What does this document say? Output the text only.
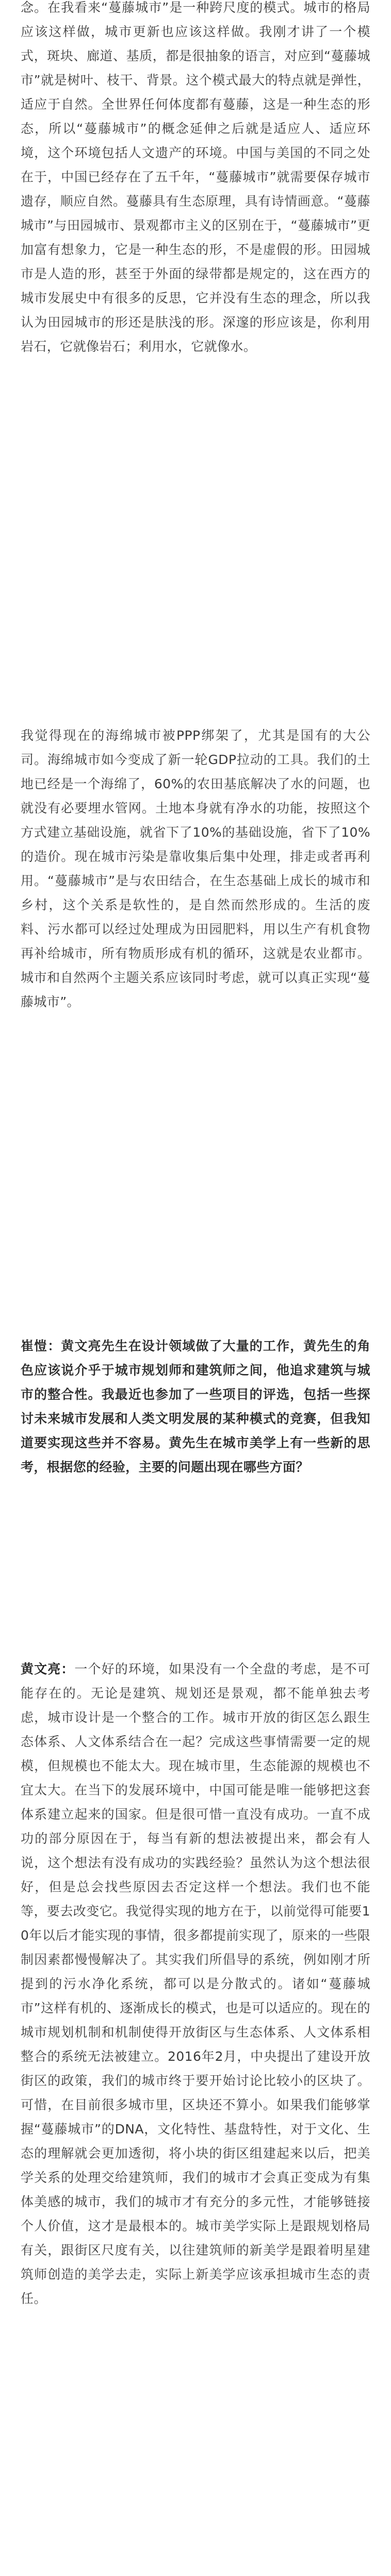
念。在我看来“蔓藤城市”是一种跨尺度的模式。城市的格局应该这样做，城市更新也应该这样做。我刚才讲了一个模式，斑块、廊道、基质，都是很抽象的语言，对应到“蔓藤城市”就是树叶、枝干、背景。这个模式最大的特点就是弹性，适应于自然。全世界任何体度都有蔓藤，这是一种生态的形态，所以“蔓藤城市”的概念延伸之后就是适应人、适应环境，这个环境包括人文遗产的环境。中国与美国的不同之处在于，中国已经存在了五千年，“蔓藤城市”就需要保存城市遗存，顺应自然。蔓藤具有生态原理，具有诗情画意。“蔓藤城市”与田园城市、景观都市主义的区别在于，“蔓藤城市”更加富有想象力，它是一种生态的形，不是虚假的形。田园城市是人造的形，甚至于外面的绿带都是规定的，这在西方的城市发展史中有很多的反思，它并没有生态的理念，所以我认为田园城市的形还是肤浅的形。深邃的形应该是，你利用岩石，它就像岩石；利用水，它就像水。

我觉得现在的海绵城市被PPP绑架了，尤其是国有的大公司。海绵城市如今变成了新一轮GDP拉动的工具。我们的土地已经是一个海绵了，60%的农田基底解决了水的问题，也就没有必要埋水管网。土地本身就有净水的功能，按照这个方式建立基础设施，就省下了10%的基础设施，省下了10%的造价。现在城市污染是靠收集后集中处理，排走或者再利用。“蔓藤城市”是与农田结合，在生态基础上成长的城市和乡村，这个关系是软性的，是自然而然形成的。生活的废料、污水都可以经过处理成为田园肥料，用以生产有机食物再补给城市，所有物质形成有机的循环，这就是农业都市。城市和自然两个主题关系应该同时考虑，就可以真正实现“蔓藤城市”。

崔愷：黄文亮先生在设计领域做了大量的工作，黄先生的角色应该说介乎于城市规划师和建筑师之间，他追求建筑与城市的整合性。我最近也参加了一些项目的评选，包括一些探讨未来城市发展和人类文明发展的某种模式的竞赛，但我知道要实现这些并不容易。黄先生在城市美学上有一些新的思考，根据您的经验，主要的问题出现在哪些方面？

黄文亮：一个好的环境，如果没有一个全盘的考虑，是不可能存在的。无论是建筑、规划还是景观，都不能单独去考虑，城市设计是一个整合的工作。城市开放的街区怎么跟生态体系、人文体系结合在一起？完成这些事情需要一定的规模，但规模也不能太大。现在城市里，生态能源的规模也不宜太大。在当下的发展环境中，中国可能是唯一能够把这套体系建立起来的国家。但是很可惜一直没有成功。一直不成功的部分原因在于，每当有新的想法被提出来，都会有人说，这个想法有没有成功的实践经验？虽然认为这个想法很好，但是总会找些原因去否定这样一个想法。我们也不能等，要去改变它。我觉得实现的地方在于，以前觉得可能要10年以后才能实现的事情，很多都提前实现了，原来的一些限制因素都慢慢解决了。其实我们所倡导的系统，例如刚才所提到的污水净化系统，都可以是分散式的。诸如“蔓藤城市”这样有机的、逐渐成长的模式，也是可以适应的。现在的城市规划机制和机制使得开放街区与生态体系、人文体系相整合的系统无法被建立。2016年2月，中央提出了建设开放街区的政策，我们的城市终于要开始讨论比较小的区块了。可惜，在目前很多城市里，区块还不算小。如果我们能够掌握“蔓藤城市”的DNA，文化特性、基盘特性，对于文化、生态的理解就会更加透彻，将小块的街区组建起来以后，把美学关系的处理交给建筑师，我们的城市才会真正变成为有集体美感的城市，我们的城市才有充分的多元性，才能够链接个人价值，这才是最根本的。城市美学实际上是跟规划格局有关，跟街区尺度有关，以往建筑师的新美学是跟着明星建筑师创造的美学去走，实际上新美学应该承担城市生态的责任。
